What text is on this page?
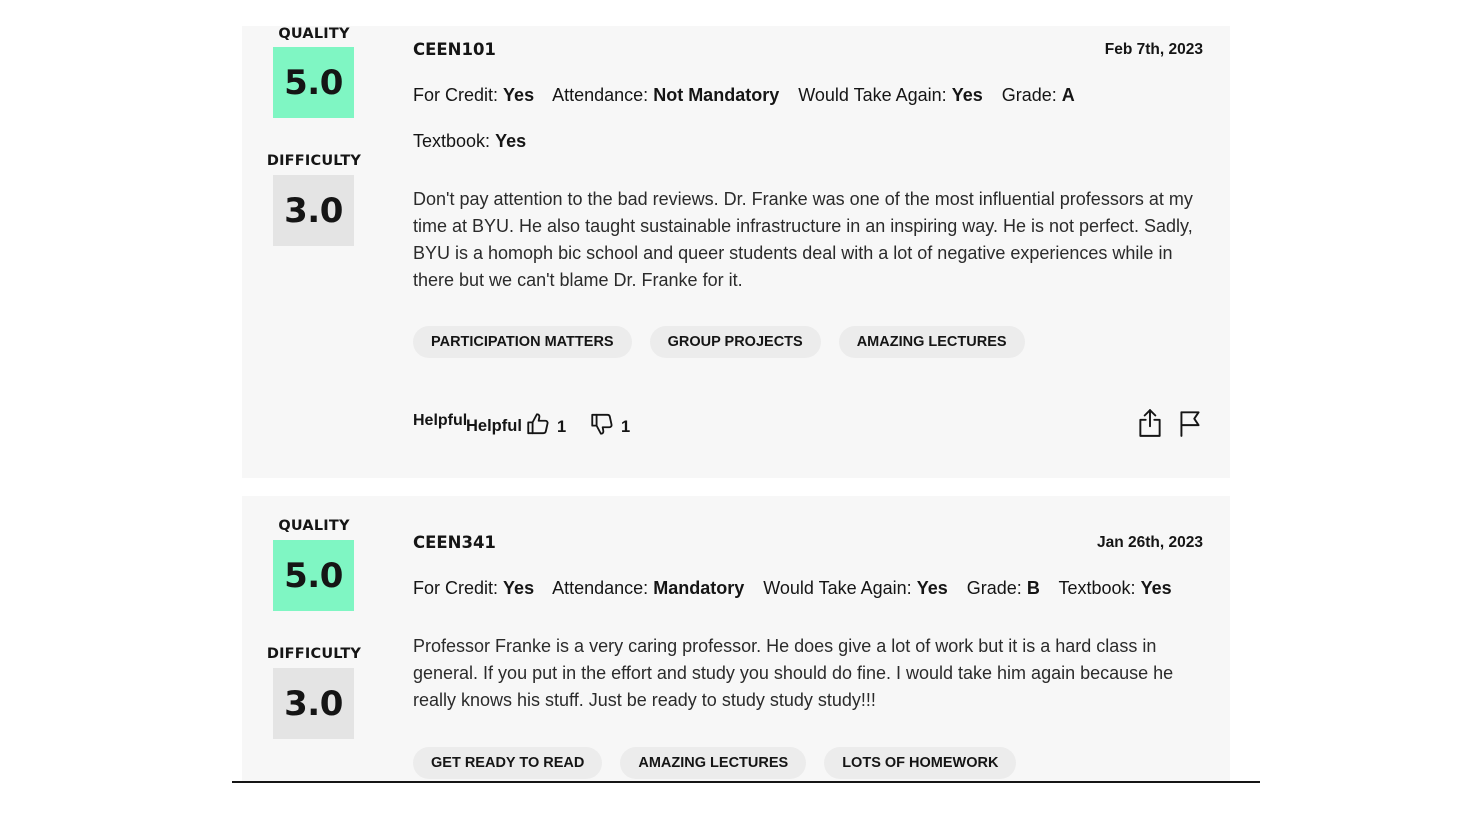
QUALITY
5.0
DIFFICULTY
3.0
CEEN101	Feb 7th, 2023
For Credit: Yes Attendance: Not Mandatory Would Take Again: Yes Grade: A
Textbook: Yes
Don't pay attention to the bad reviews. Dr. Franke was one of the most influential professors at my time at BYU. He also taught sustainable infrastructure in an inspiring way. He is not perfect. Sadly, BYU is a homoph bic school and queer students deal with a lot of negative experiences while in there but we can't blame Dr. Franke for it.
PARTICIPATION MATTERS	GROUP PROJECTS	AMAZING LECTURES
Helpful
Helpful 1	1
QUALITY
5.0
DIFFICULTY
3.0
CEEN341	Jan 26th, 2023
For Credit: Yes Attendance: Mandatory Would Take Again: Yes Grade: B Textbook: Yes
Professor Franke is a very caring professor. He does give a lot of work but it is a hard class in general. If you put in the effort and study you should do fine. I would take him again because he really knows his stuff. Just be ready to study study study!!!
GET READY TO READ	AMAZING LECTURES	LOTS OF HOMEWORK
